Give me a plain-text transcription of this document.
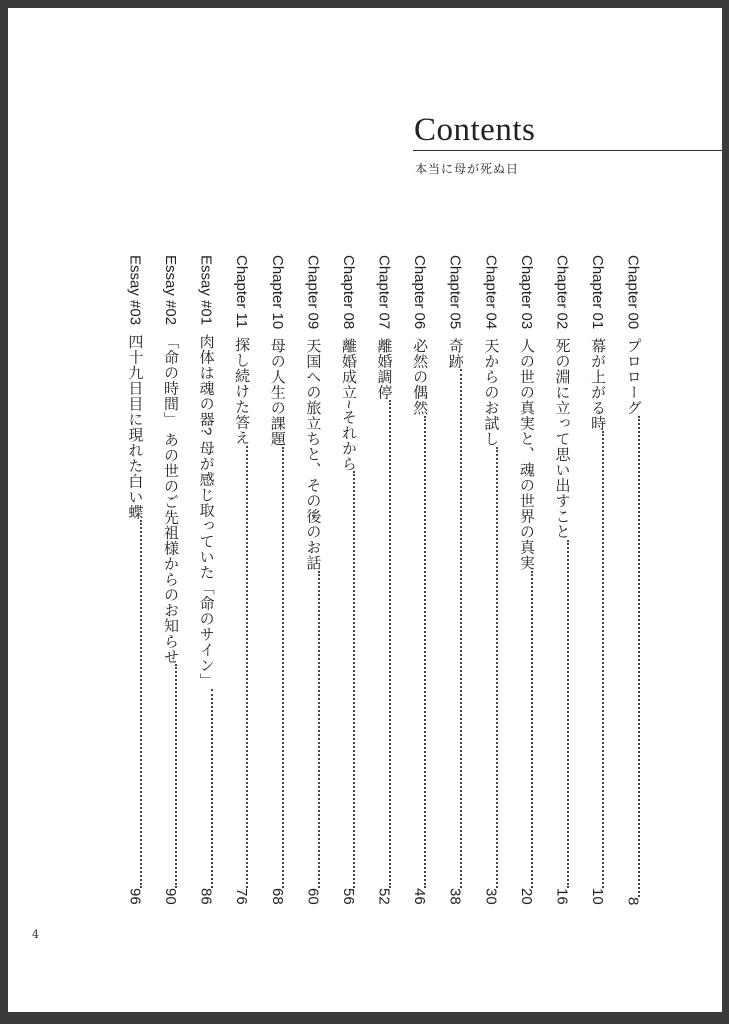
Contents
本当に母が死ぬ日
Chapter 00
プロローグ
8
Chapter 01
幕が上がる時
10
Chapter 02
死の淵に立って思い出すこと
16
Chapter 03
人の世の真実と、魂の世界の真実
20
Chapter 04
天からのお試し
30
Chapter 05
奇跡
38
Chapter 06
必然の偶然
46
Chapter 07
離婚調停
52
Chapter 08
離婚成立~それから
56
Chapter 09
天国への旅立ちと、その後のお話
60
Chapter 10
母の人生の課題
68
Chapter 11
探し続けた答え
76
Essay #01
肉体は魂の器? 母が感じ取っていた「命のサイン」
86
Essay #02
「命の時間」 あの世のご先祖様からのお知らせ
90
Essay #03
四十九日目に現れた白い蝶
96
4
